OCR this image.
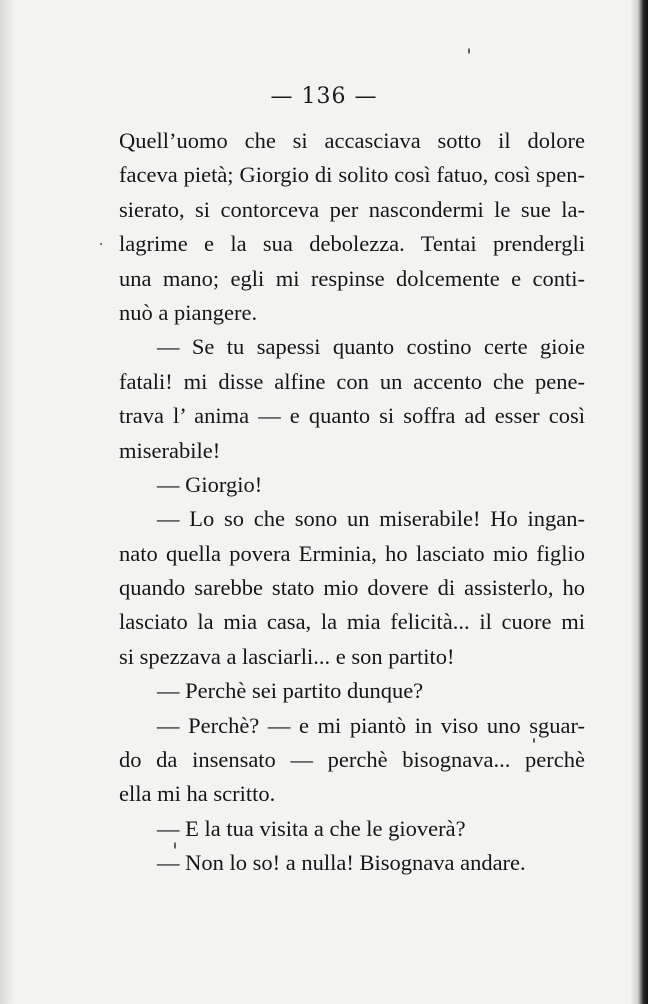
— 136 —
Quell’uomo che si accasciava sotto il dolore
faceva pietà; Giorgio di solito così fatuo, così spen-
sierato, si contorceva per nascondermi le sue la-
lagrime e la sua debolezza. Tentai prendergli
una mano; egli mi respinse dolcemente e conti-
nuò a piangere.
— Se tu sapessi quanto costino certe gioie
fatali! mi disse alfine con un accento che pene-
trava l’ anima — e quanto si soffra ad esser così
miserabile!
— Giorgio!
— Lo so che sono un miserabile! Ho ingan-
nato quella povera Erminia, ho lasciato mio figlio
quando sarebbe stato mio dovere di assisterlo, ho
lasciato la mia casa, la mia felicità... il cuore mi
si spezzava a lasciarli... e son partito!
— Perchè sei partito dunque?
— Perchè? — e mi piantò in viso uno sguar-
do da insensato — perchè bisognava... perchè
ella mi ha scritto.
— E la tua visita a che le gioverà?
— Non lo so! a nulla! Bisognava andare.
